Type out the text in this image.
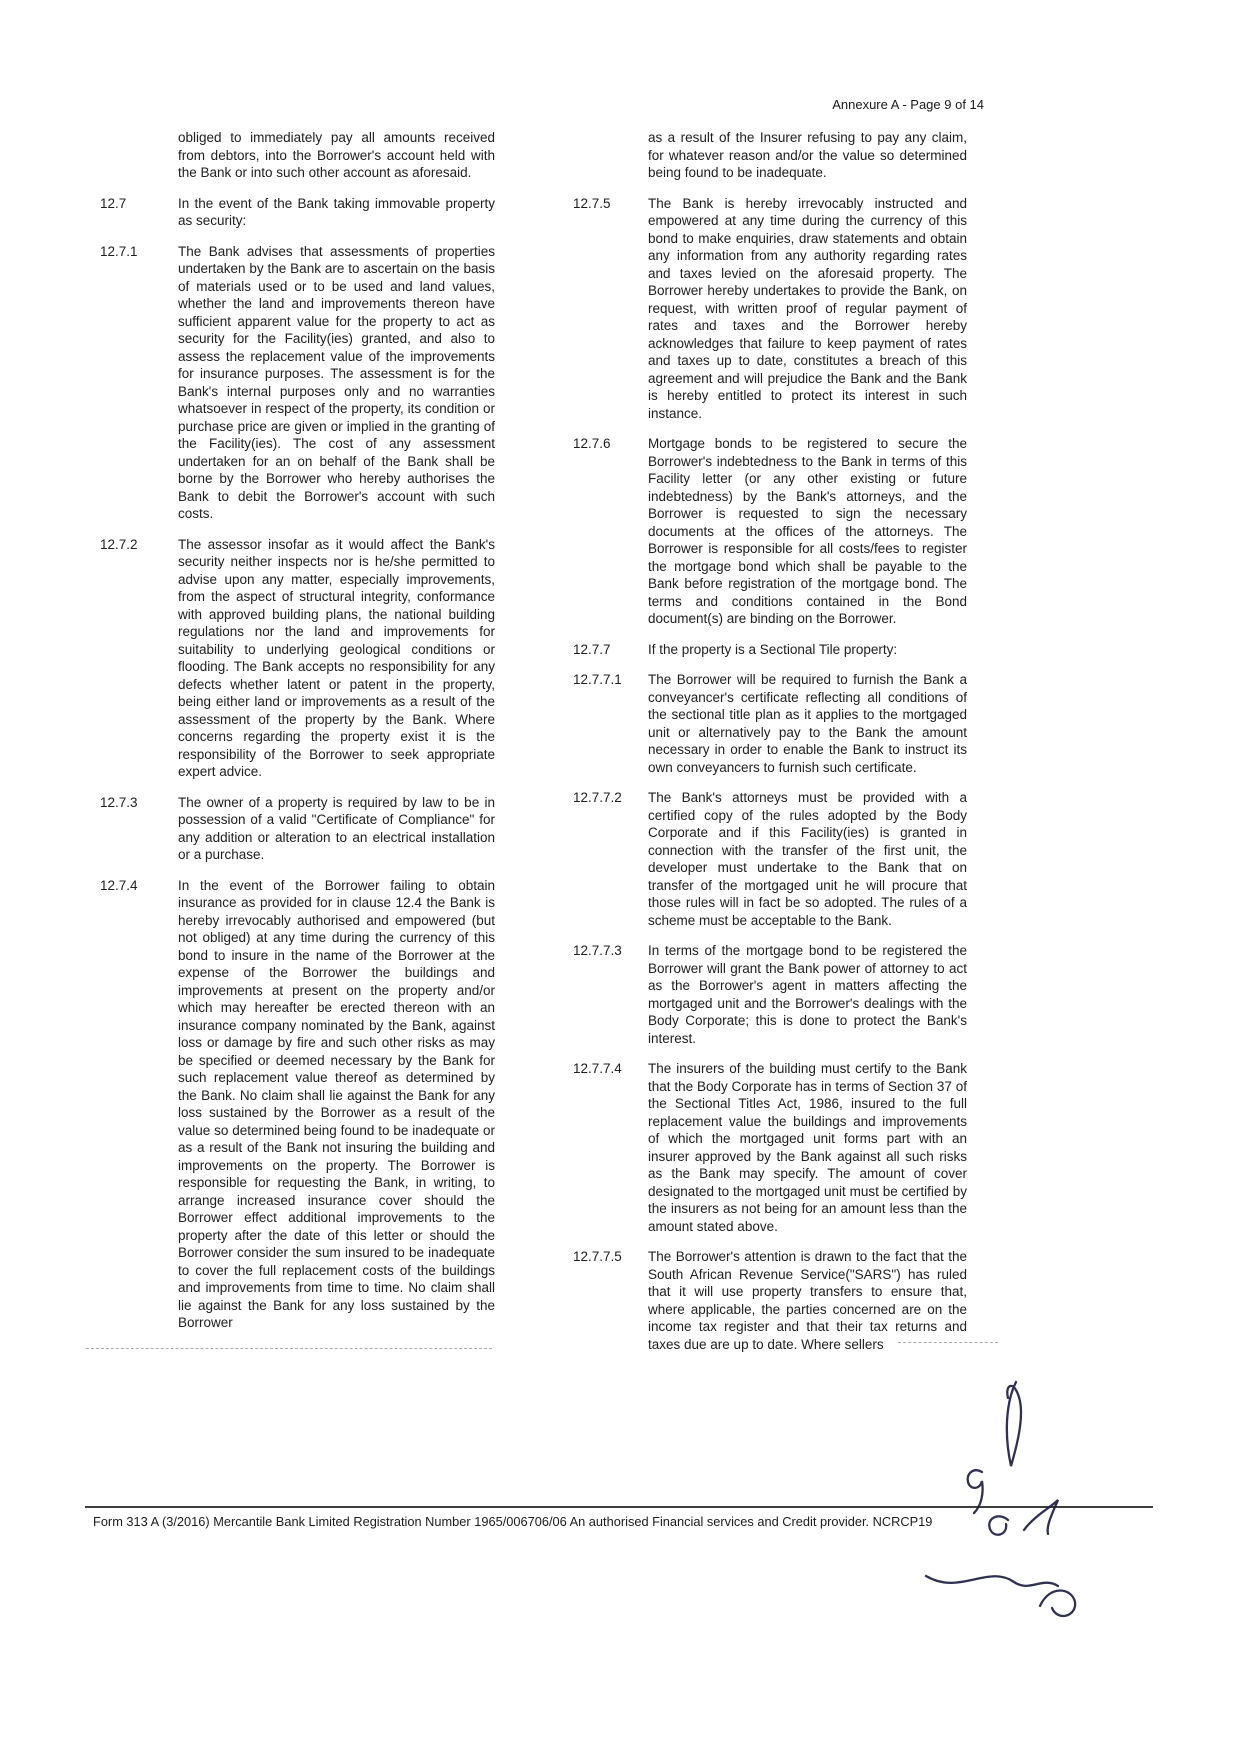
Annexure A - Page 9 of 14
obliged to immediately pay all amounts received from debtors, into the Borrower's account held with the Bank or into such other account as aforesaid.
12.7	In the event of the Bank taking immovable property as security:
12.7.1	The Bank advises that assessments of properties undertaken by the Bank are to ascertain on the basis of materials used or to be used and land values, whether the land and improvements thereon have sufficient apparent value for the property to act as security for the Facility(ies) granted, and also to assess the replacement value of the improvements for insurance purposes. The assessment is for the Bank's internal purposes only and no warranties whatsoever in respect of the property, its condition or purchase price are given or implied in the granting of the Facility(ies). The cost of any assessment undertaken for an on behalf of the Bank shall be borne by the Borrower who hereby authorises the Bank to debit the Borrower's account with such costs.
12.7.2	The assessor insofar as it would affect the Bank's security neither inspects nor is he/she permitted to advise upon any matter, especially improvements, from the aspect of structural integrity, conformance with approved building plans, the national building regulations nor the land and improvements for suitability to underlying geological conditions or flooding. The Bank accepts no responsibility for any defects whether latent or patent in the property, being either land or improvements as a result of the assessment of the property by the Bank. Where concerns regarding the property exist it is the responsibility of the Borrower to seek appropriate expert advice.
12.7.3	The owner of a property is required by law to be in possession of a valid "Certificate of Compliance" for any addition or alteration to an electrical installation or a purchase.
12.7.4	In the event of the Borrower failing to obtain insurance as provided for in clause 12.4 the Bank is hereby irrevocably authorised and empowered (but not obliged) at any time during the currency of this bond to insure in the name of the Borrower at the expense of the Borrower the buildings and improvements at present on the property and/or which may hereafter be erected thereon with an insurance company nominated by the Bank, against loss or damage by fire and such other risks as may be specified or deemed necessary by the Bank for such replacement value thereof as determined by the Bank. No claim shall lie against the Bank for any loss sustained by the Borrower as a result of the value so determined being found to be inadequate or as a result of the Bank not insuring the building and improvements on the property. The Borrower is responsible for requesting the Bank, in writing, to arrange increased insurance cover should the Borrower effect additional improvements to the property after the date of this letter or should the Borrower consider the sum insured to be inadequate to cover the full replacement costs of the buildings and improvements from time to time. No claim shall lie against the Bank for any loss sustained by the Borrower
as a result of the Insurer refusing to pay any claim, for whatever reason and/or the value so determined being found to be inadequate.
12.7.5	The Bank is hereby irrevocably instructed and empowered at any time during the currency of this bond to make enquiries, draw statements and obtain any information from any authority regarding rates and taxes levied on the aforesaid property. The Borrower hereby undertakes to provide the Bank, on request, with written proof of regular payment of rates and taxes and the Borrower hereby acknowledges that failure to keep payment of rates and taxes up to date, constitutes a breach of this agreement and will prejudice the Bank and the Bank is hereby entitled to protect its interest in such instance.
12.7.6	Mortgage bonds to be registered to secure the Borrower's indebtedness to the Bank in terms of this Facility letter (or any other existing or future indebtedness) by the Bank's attorneys, and the Borrower is requested to sign the necessary documents at the offices of the attorneys. The Borrower is responsible for all costs/fees to register the mortgage bond which shall be payable to the Bank before registration of the mortgage bond. The terms and conditions contained in the Bond document(s) are binding on the Borrower.
12.7.7	If the property is a Sectional Tile property:
12.7.7.1	The Borrower will be required to furnish the Bank a conveyancer's certificate reflecting all conditions of the sectional title plan as it applies to the mortgaged unit or alternatively pay to the Bank the amount necessary in order to enable the Bank to instruct its own conveyancers to furnish such certificate.
12.7.7.2	The Bank's attorneys must be provided with a certified copy of the rules adopted by the Body Corporate and if this Facility(ies) is granted in connection with the transfer of the first unit, the developer must undertake to the Bank that on transfer of the mortgaged unit he will procure that those rules will in fact be so adopted. The rules of a scheme must be acceptable to the Bank.
12.7.7.3	In terms of the mortgage bond to be registered the Borrower will grant the Bank power of attorney to act as the Borrower's agent in matters affecting the mortgaged unit and the Borrower's dealings with the Body Corporate; this is done to protect the Bank's interest.
12.7.7.4	The insurers of the building must certify to the Bank that the Body Corporate has in terms of Section 37 of the Sectional Titles Act, 1986, insured to the full replacement value the buildings and improvements of which the mortgaged unit forms part with an insurer approved by the Bank against all such risks as the Bank may specify. The amount of cover designated to the mortgaged unit must be certified by the insurers as not being for an amount less than the amount stated above.
12.7.7.5	The Borrower's attention is drawn to the fact that the South African Revenue Service("SARS") has ruled that it will use property transfers to ensure that, where applicable, the parties concerned are on the income tax register and that their tax returns and taxes due are up to date. Where sellers
Form 313 A (3/2016) Mercantile Bank Limited Registration Number 1965/006706/06 An authorised Financial services and Credit provider. NCRCP19
